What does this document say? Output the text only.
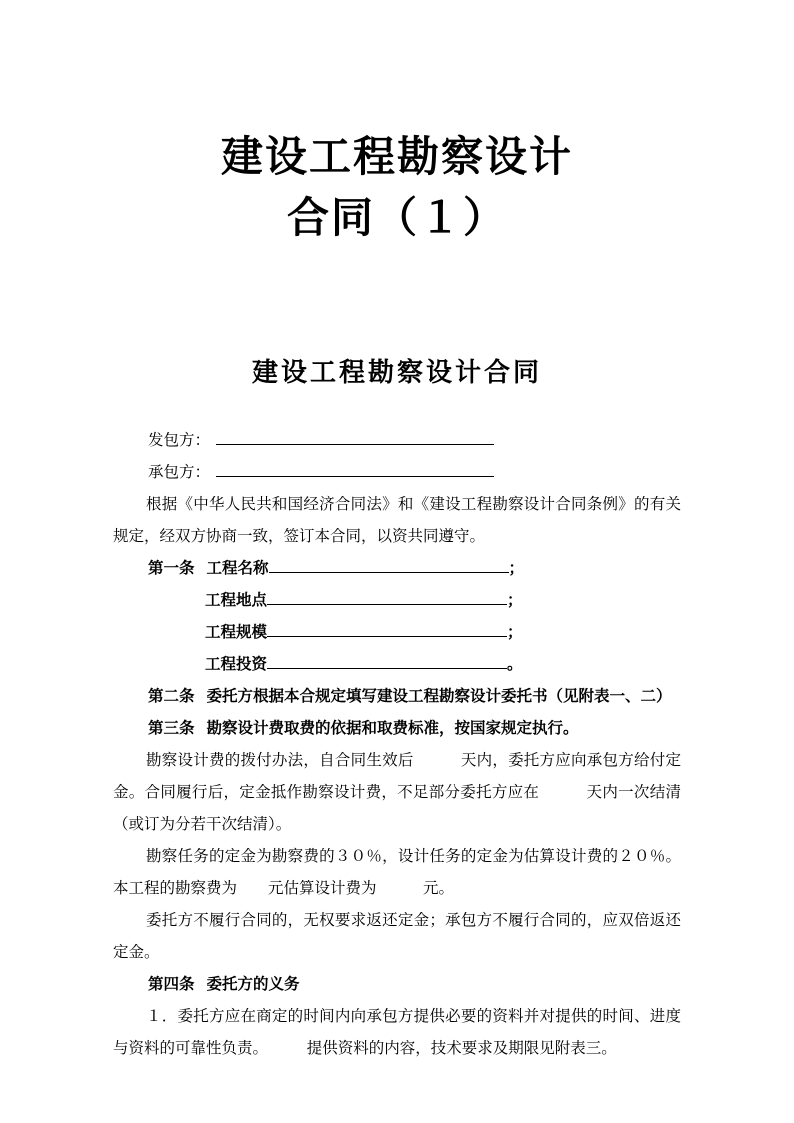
建设工程勘察设计
合同（１）
建设工程勘察设计合同
发包方：
承包方：

根据《中华人民共和国经济合同法》和《建设工程勘察设计合同条例》的有关规定，经双方协商一致，签订本合同，以资共同遵守。

第一条 工程名称	；
工程地点	；
工程规模	；
工程投资	。
第二条 委托方根据本合规定填写建设工程勘察设计委托书（见附表一、二）
第三条 勘察设计费取费的依据和取费标准，按国家规定执行。

勘察设计费的拨付办法，自合同生效后　　　天内，委托方应向承包方给付定金。合同履行后，定金抵作勘察设计费，不足部分委托方应在　　　天内一次结清（或订为分若干次结清）。

勘察任务的定金为勘察费的３０％，设计任务的定金为估算设计费的２０％。本工程的勘察费为　　元估算设计费为　　　元。

委托方不履行合同的，无权要求返还定金；承包方不履行合同的，应双倍返还定金。

第四条 委托方的义务

１．委托方应在商定的时间内向承包方提供必要的资料并对提供的时间、进度与资料的可靠性负责。　　　提供资料的内容，技术要求及期限见附表三。
